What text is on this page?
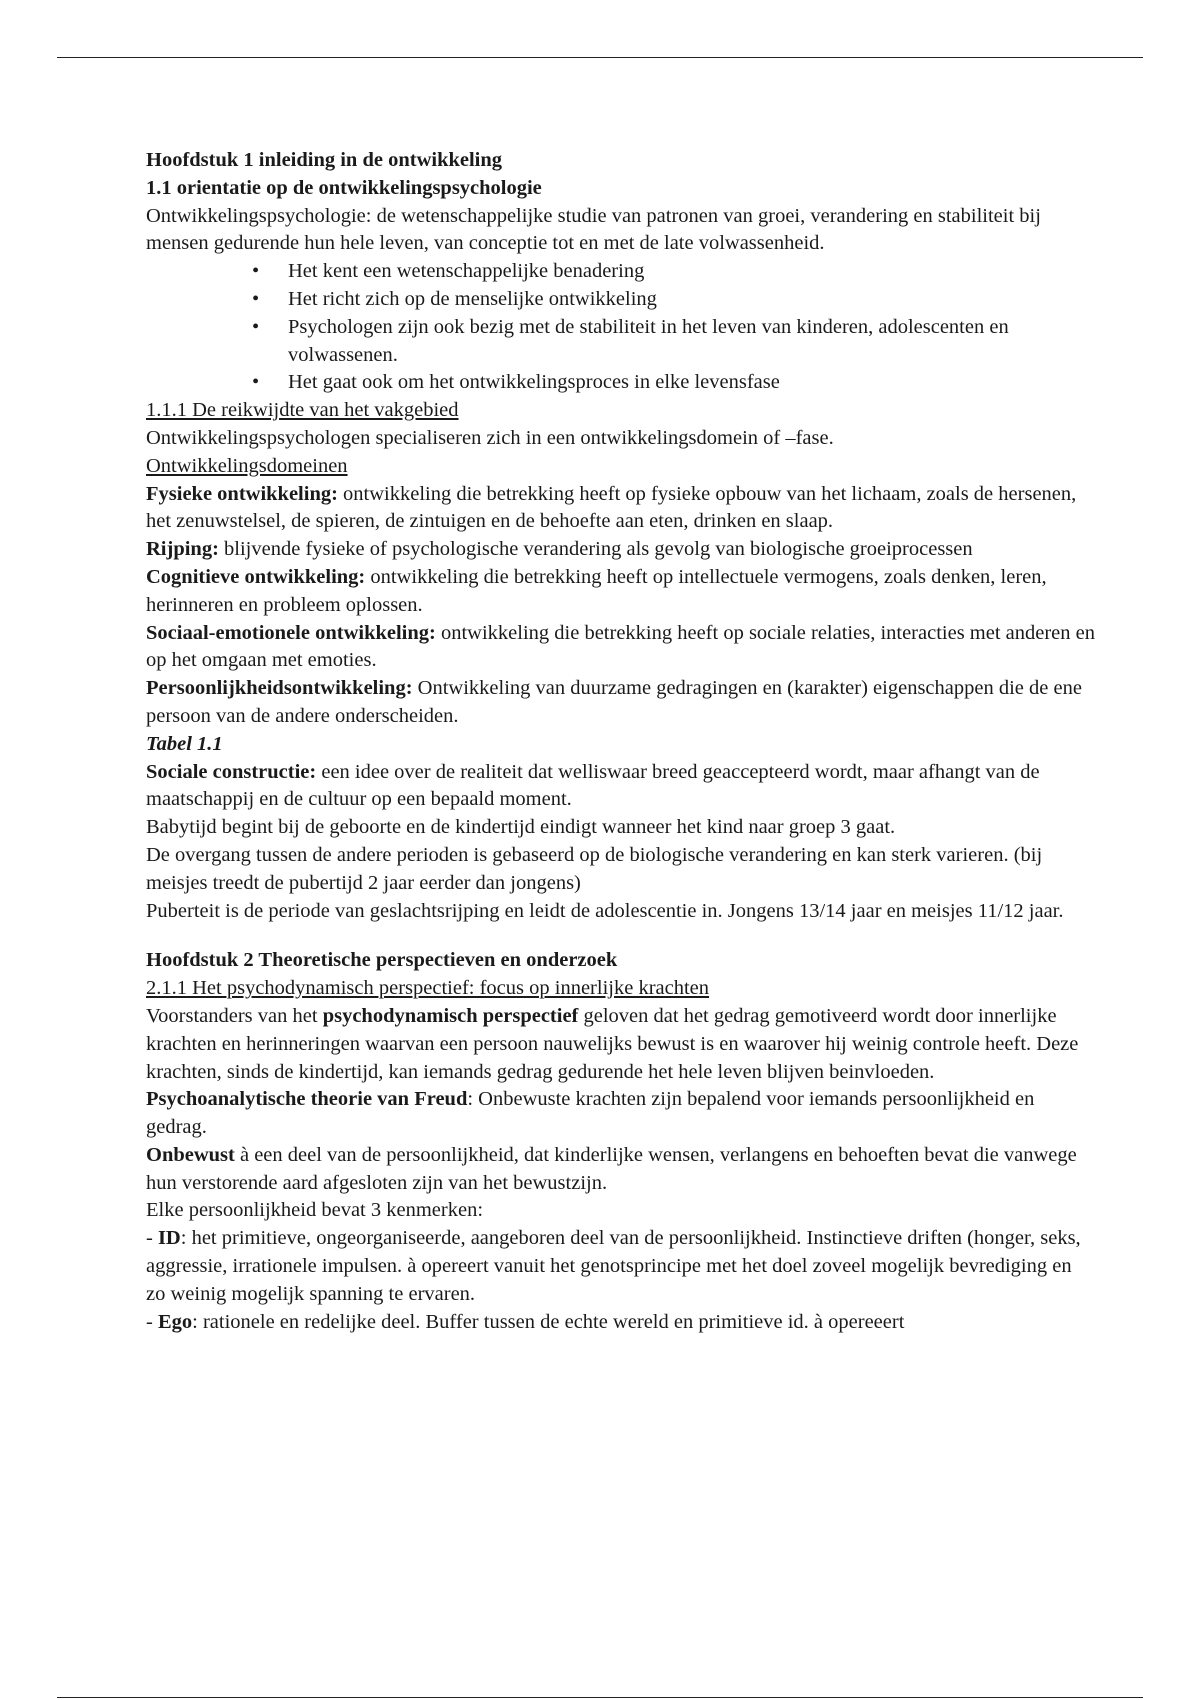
Hoofdstuk 1 inleiding in de ontwikkeling

1.1 orientatie op de ontwikkelingspsychologie

Ontwikkelingspsychologie: de wetenschappelijke studie van patronen van groei, verandering en stabiliteit bij mensen gedurende hun hele leven, van conceptie tot en met de late volwassenheid.

• Het kent een wetenschappelijke benadering
• Het richt zich op de menselijke ontwikkeling
• Psychologen zijn ook bezig met de stabiliteit in het leven van kinderen, adolescenten en volwassenen.
• Het gaat ook om het ontwikkelingsproces in elke levensfase

1.1.1 De reikwijdte van het vakgebied

Ontwikkelingspsychologen specialiseren zich in een ontwikkelingsdomein of –fase.

Ontwikkelingsdomeinen

Fysieke ontwikkeling: ontwikkeling die betrekking heeft op fysieke opbouw van het lichaam, zoals de hersenen, het zenuwstelsel, de spieren, de zintuigen en de behoefte aan eten, drinken en slaap.

Rijping: blijvende fysieke of psychologische verandering als gevolg van biologische groeiprocessen

Cognitieve ontwikkeling: ontwikkeling die betrekking heeft op intellectuele vermogens, zoals denken, leren, herinneren en probleem oplossen.

Sociaal-emotionele ontwikkeling: ontwikkeling die betrekking heeft op sociale relaties, interacties met anderen en op het omgaan met emoties.

Persoonlijkheidsontwikkeling: Ontwikkeling van duurzame gedragingen en (karakter) eigenschappen die de ene persoon van de andere onderscheiden.

Tabel 1.1

Sociale constructie: een idee over de realiteit dat welliswaar breed geaccepteerd wordt, maar afhangt van de maatschappij en de cultuur op een bepaald moment.

Babytijd begint bij de geboorte en de kindertijd eindigt wanneer het kind naar groep 3 gaat.

De overgang tussen de andere perioden is gebaseerd op de biologische verandering en kan sterk varieren. (bij meisjes treedt de pubertijd 2 jaar eerder dan jongens)

Puberteit is de periode van geslachtsrijping en leidt de adolescentie in. Jongens 13/14 jaar en meisjes 11/12 jaar.

Hoofdstuk 2 Theoretische perspectieven en onderzoek

2.1.1 Het psychodynamisch perspectief: focus op innerlijke krachten

Voorstanders van het psychodynamisch perspectief geloven dat het gedrag gemotiveerd wordt door innerlijke krachten en herinneringen waarvan een persoon nauwelijks bewust is en waarover hij weinig controle heeft. Deze krachten, sinds de kindertijd, kan iemands gedrag gedurende het hele leven blijven beinvloeden.

Psychoanalytische theorie van Freud: Onbewuste krachten zijn bepalend voor iemands persoonlijkheid en gedrag.

Onbewust à een deel van de persoonlijkheid, dat kinderlijke wensen, verlangens en behoeften bevat die vanwege hun verstorende aard afgesloten zijn van het bewustzijn.

Elke persoonlijkheid bevat 3 kenmerken:

- ID: het primitieve, ongeorganiseerde, aangeboren deel van de persoonlijkheid. Instinctieve driften (honger, seks, aggressie, irrationele impulsen. à opereert vanuit het genotsprincipe met het doel zoveel mogelijk bevrediging en zo weinig mogelijk spanning te ervaren.

- Ego: rationele en redelijke deel. Buffer tussen de echte wereld en primitieve id. à opereeert
